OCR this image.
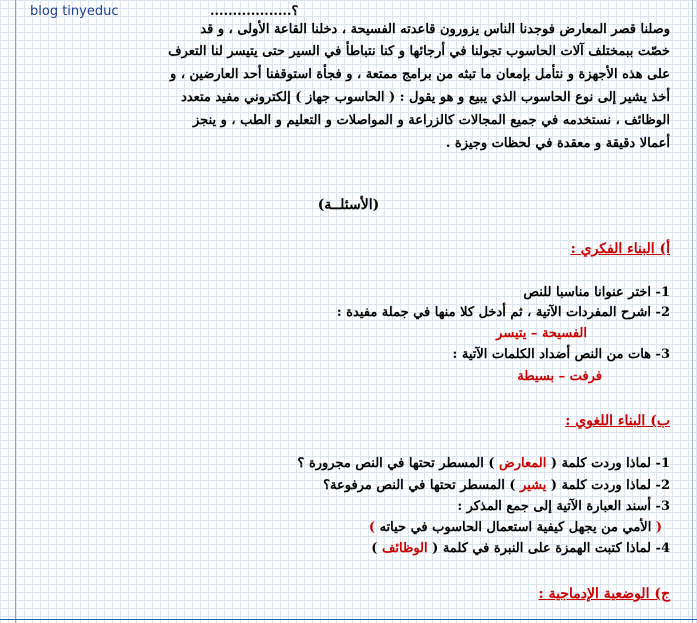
blog tinyeduc	؟..................
وصلنا قصر المعارض فوجدنا الناس يزورون قاعدته الفسيحة ، دخلنا القاعة الأولى ، و قد
خصّت ببمختلف آلات الحاسوب تجولنا في أرجائها و كنا نتباطأ في السير حتى يتيسر لنا التعرف
على هذه الأجهزة و نتأمل بإمعان ما تبثه من برامج ممتعة ، و فجأة استوقفنا أحد العارضين ، و
أخذ يشير إلى نوع الحاسوب الذي يبيع و هو يقول : ( الحاسوب جهاز ) إلكتروني مفيد متعدد
الوظائف ، نستخدمه في جميع المجالات كالزراعة و المواصلات و التعليم و الطب ، و ينجز
أعمالا دقيقة و معقدة في لحظات وجيزة .
(الأسئلــة)
أ) البناء الفكري :
1- اختر عنوانا مناسبا للنص
2- اشرح المفردات الآتية ، ثم أدخل كلا منها في جملة مفيدة :
الفسيحة – يتيسر
3- هات من النص أضداد الكلمات الآتية :
فرفت – بسيطة
ب) البناء اللغوي :
1- لماذا وردت كلمة ( المعارض ) المسطر تحتها في النص مجرورة ؟
2- لماذا وردت كلمة ( يشير ) المسطر تحتها في النص مرفوعة؟
3- أسند العبارة الآتية إلى جمع المذكر :
( الأمي من يجهل كيفية استعمال الحاسوب في حياته )
4- لماذا كتبت الهمزة على النبرة في كلمة ( الوظائف )
ج) الوضعية الإدماجية :
